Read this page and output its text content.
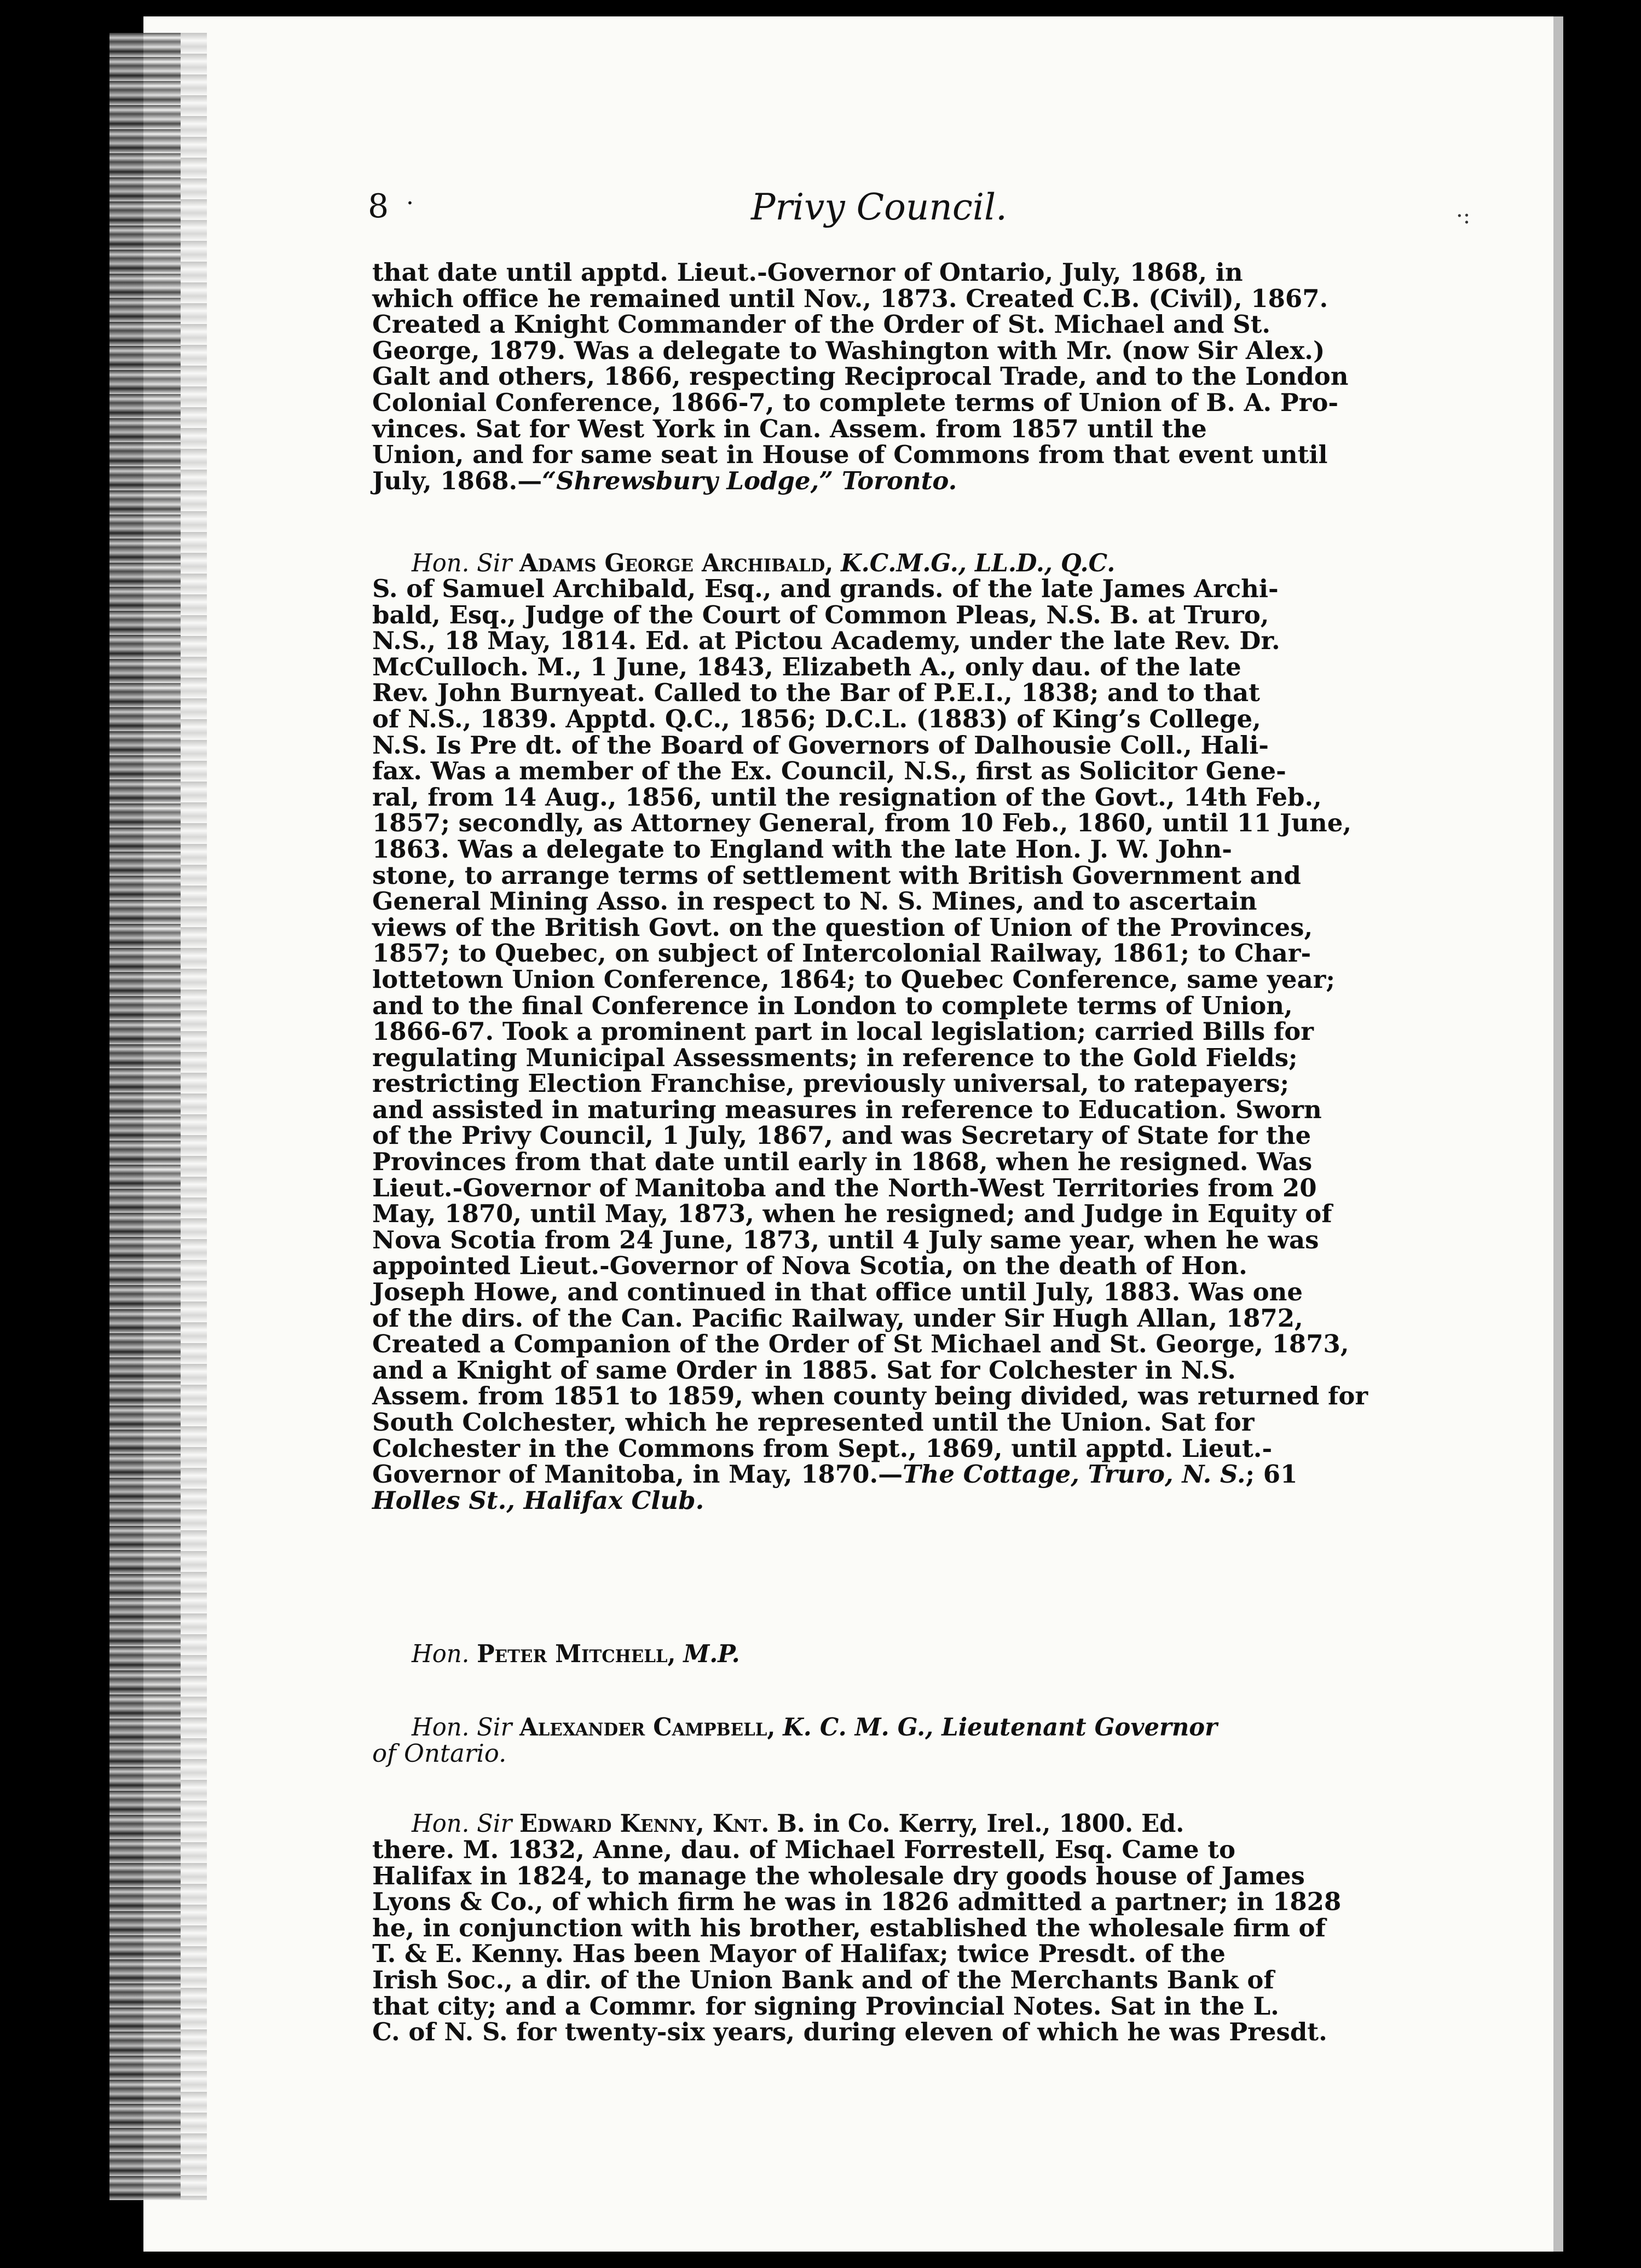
·:
8 ·	Privy Council.
that date until apptd. Lieut.-Governor of Ontario, July, 1868, in
which office he remained until Nov., 1873. Created C.B. (Civil), 1867.
Created a Knight Commander of the Order of St. Michael and St.
George, 1879. Was a delegate to Washington with Mr. (now Sir Alex.)
Galt and others, 1866, respecting Reciprocal Trade, and to the London
Colonial Conference, 1866-7, to complete terms of Union of B. A. Pro-
vinces. Sat for West York in Can. Assem. from 1857 until the
Union, and for same seat in House of Commons from that event until
July, 1868.—“Shrewsbury Lodge,” Toronto.
Hon. Sir Adams George Archibald, K.C.M.G., LL.D., Q.C.
S. of Samuel Archibald, Esq., and grands. of the late James Archi-
bald, Esq., Judge of the Court of Common Pleas, N.S. B. at Truro,
N.S., 18 May, 1814. Ed. at Pictou Academy, under the late Rev. Dr.
McCulloch. M., 1 June, 1843, Elizabeth A., only dau. of the late
Rev. John Burnyeat. Called to the Bar of P.E.I., 1838; and to that
of N.S., 1839. Apptd. Q.C., 1856; D.C.L. (1883) of King’s College,
N.S. Is Pre dt. of the Board of Governors of Dalhousie Coll., Hali-
fax. Was a member of the Ex. Council, N.S., first as Solicitor Gene-
ral, from 14 Aug., 1856, until the resignation of the Govt., 14th Feb.,
1857; secondly, as Attorney General, from 10 Feb., 1860, until 11 June,
1863. Was a delegate to England with the late Hon. J. W. John-
stone, to arrange terms of settlement with British Government and
General Mining Asso. in respect to N. S. Mines, and to ascertain
views of the British Govt. on the question of Union of the Provinces,
1857; to Quebec, on subject of Intercolonial Railway, 1861; to Char-
lottetown Union Conference, 1864; to Quebec Conference, same year;
and to the final Conference in London to complete terms of Union,
1866-67. Took a prominent part in local legislation; carried Bills for
regulating Municipal Assessments; in reference to the Gold Fields;
restricting Election Franchise, previously universal, to ratepayers;
and assisted in maturing measures in reference to Education. Sworn
of the Privy Council, 1 July, 1867, and was Secretary of State for the
Provinces from that date until early in 1868, when he resigned. Was
Lieut.-Governor of Manitoba and the North-West Territories from 20
May, 1870, until May, 1873, when he resigned; and Judge in Equity of
Nova Scotia from 24 June, 1873, until 4 July same year, when he was
appointed Lieut.-Governor of Nova Scotia, on the death of Hon.
Joseph Howe, and continued in that office until July, 1883. Was one
of the dirs. of the Can. Pacific Railway, under Sir Hugh Allan, 1872,
Created a Companion of the Order of St Michael and St. George, 1873,
and a Knight of same Order in 1885. Sat for Colchester in N.S.
Assem. from 1851 to 1859, when county being divided, was returned for
South Colchester, which he represented until the Union. Sat for
Colchester in the Commons from Sept., 1869, until apptd. Lieut.-
Governor of Manitoba, in May, 1870.—The Cottage, Truro, N. S.; 61
Holles St., Halifax Club.
Hon. Peter Mitchell, M.P.
Hon. Sir Alexander Campbell, K. C. M. G., Lieutenant Governor
of Ontario.
Hon. Sir Edward Kenny, Knt. B. in Co. Kerry, Irel., 1800. Ed.
there. M. 1832, Anne, dau. of Michael Forrestell, Esq. Came to
Halifax in 1824, to manage the wholesale dry goods house of James
Lyons & Co., of which firm he was in 1826 admitted a partner; in 1828
he, in conjunction with his brother, established the wholesale firm of
T. & E. Kenny. Has been Mayor of Halifax; twice Presdt. of the
Irish Soc., a dir. of the Union Bank and of the Merchants Bank of
that city; and a Commr. for signing Provincial Notes. Sat in the L.
C. of N. S. for twenty-six years, during eleven of which he was Presdt.
